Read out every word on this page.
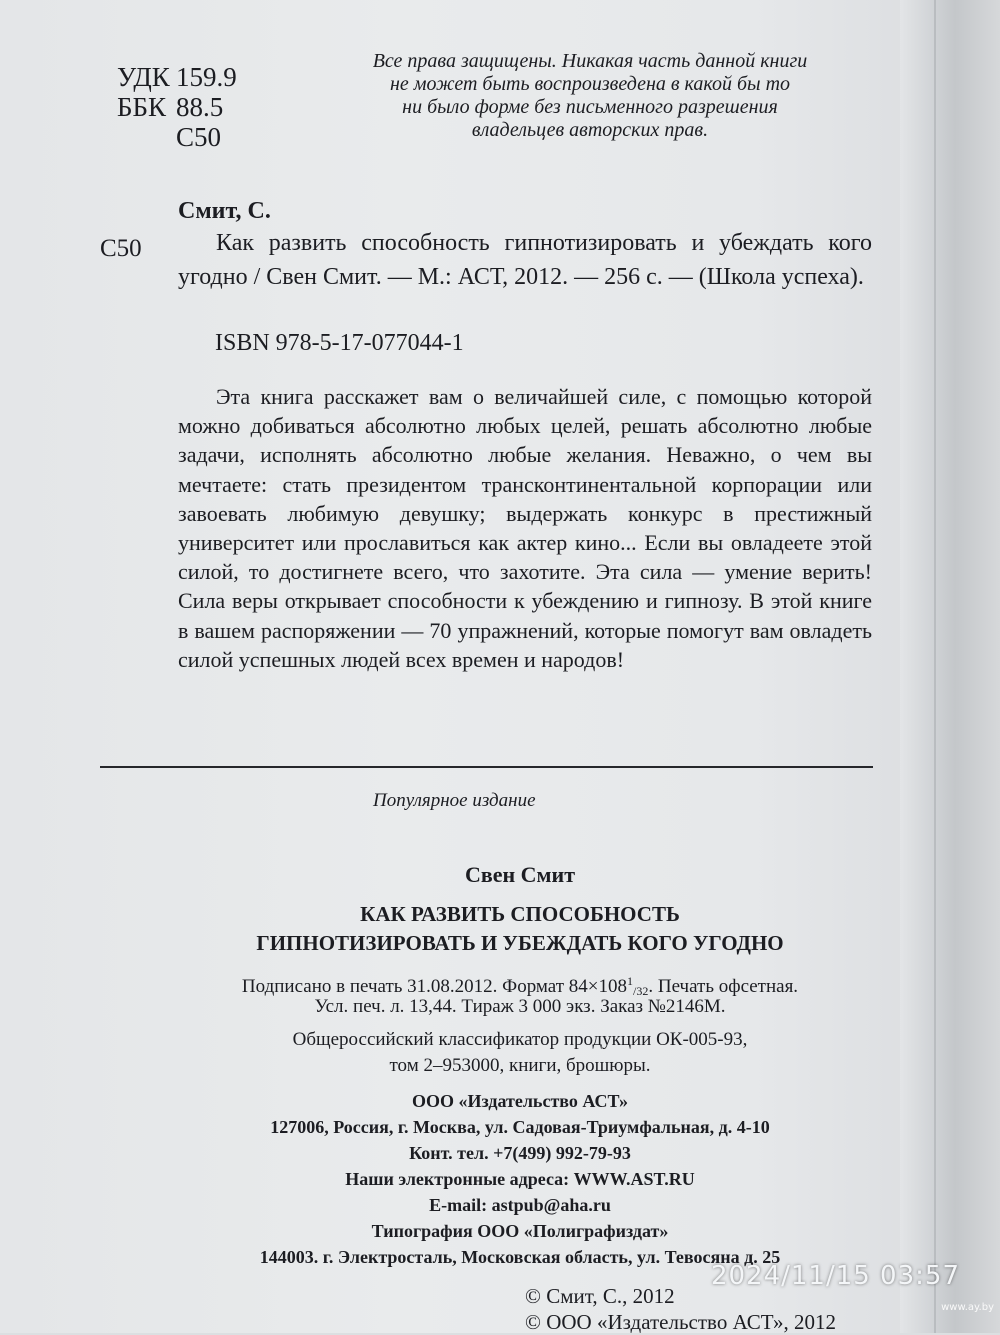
УДК 159.9

ББК 88.5

С50

Все права защищены. Никакая часть данной книги
не может быть воспроизведена в какой бы то
ни было форме без письменного разрешения
владельцев авторских прав.

Смит, С.

С50	Как развить способность гипнотизировать и убеждать кого угодно / Свен Смит. — М.: АСТ, 2012. — 256 с. — (Школа успеха).

ISBN 978-5-17-077044-1

Эта книга расскажет вам о величайшей силе, с помощью которой можно добиваться абсолютно любых целей, решать абсолютно любые задачи, исполнять абсолютно любые желания. Неважно, о чем вы мечтаете: стать президентом трансконтинентальной корпорации или завоевать любимую девушку; выдержать конкурс в престижный университет или прославиться как актер кино... Если вы овладеете этой силой, то достигнете всего, что захотите. Эта сила — умение верить! Сила веры открывает способности к убеждению и гипнозу. В этой книге в вашем распоряжении — 70 упражнений, которые помогут вам овладеть силой успешных людей всех времен и народов!

Популярное издание

Свен Смит

КАК РАЗВИТЬ СПОСОБНОСТЬ
ГИПНОТИЗИРОВАТЬ И УБЕЖДАТЬ КОГО УГОДНО

Подписано в печать 31.08.2012. Формат $84\times 108^1_{/32}$. Печать офсетная.

Усл. печ. л. 13,44. Тираж 3 000 экз. Заказ №2146М.

Общероссийский классификатор продукции ОК-005-93,

том 2–953000, книги, брошюры.

ООО «Издательство АСТ»

127006, Россия, г. Москва, ул. Садовая-Триумфальная, д. 4-10

Конт. тел. +7(499) 992-79-93

Наши электронные адреса: WWW.AST.RU

E-mail: astpub@aha.ru

Типография ООО «Полиграфиздат»

144003. г. Электросталь, Московская область, ул. Тевосяна д. 25

© Смит, С., 2012

© ООО «Издательство АСТ», 2012

2024/11/15 03:57
www.ay.by
